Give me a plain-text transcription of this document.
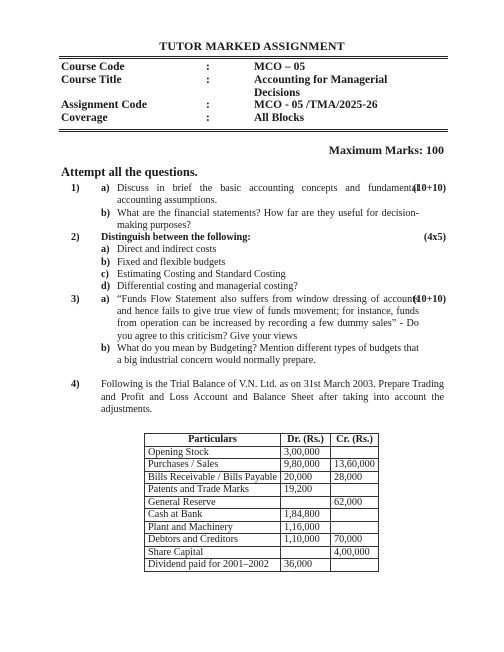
TUTOR MARKED ASSIGNMENT
Course Code	:	MCO – 05
Course Title	:	Accounting for Managerial
Decisions
Assignment Code	:	MCO - 05 /TMA/2025-26
Coverage	:	All Blocks
Maximum Marks: 100
Attempt all the questions.
1)	(10+10)
a) Discuss in brief the basic accounting concepts and fundamental accounting assumptions.
b) What are the financial statements? How far are they useful for decision-making purposes?
2)	(4x5)
Distinguish between the following:
a) Direct and indirect costs
b) Fixed and flexible budgets
c) Estimating Costing and Standard Costing
d) Differential costing and managerial costing?
3)	(10+10)
a) “Funds Flow Statement also suffers from window dressing of accounts and hence fails to give true view of funds movement; for instance, funds from operation can be increased by recording a few dummy sales” - Do you agree to this criticism? Give your views
b) What do you mean by Budgeting? Mention different types of budgets that a big industrial concern would normally prepare.
4)	Following is the Trial Balance of V.N. Ltd. as on 31st March 2003. Prepare Trading and Profit and Loss Account and Balance Sheet after taking into account the adjustments.
Particulars	Dr. (Rs.)	Cr. (Rs.)
Opening Stock	3,00,000	
Purchases / Sales	9,80,000	13,60,000
Bills Receivable / Bills Payable	20,000	28,000
Patents and Trade Marks	19,200	
General Reserve		62,000
Cash at Bank	1,84,800	
Plant and Machinery	1,16,000	
Debtors and Creditors	1,10,000	70,000
Share Capital		4,00,000
Dividend paid for 2001–2002	36,000	
